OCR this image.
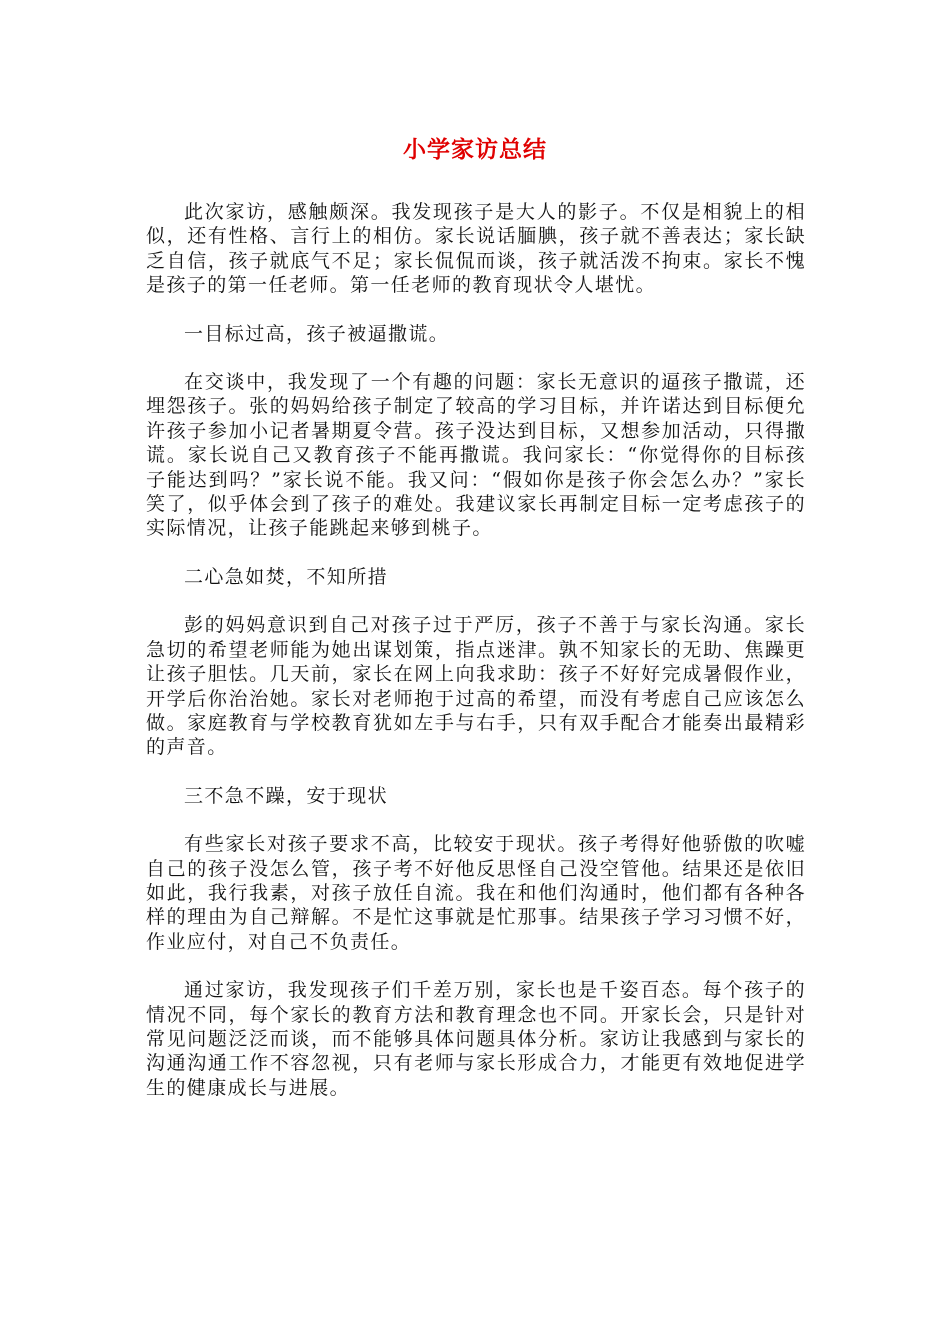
小学家访总结

此次家访，感触颇深。我发现孩子是大人的影子。不仅是相貌上的相似，还有性格、言行上的相仿。家长说话腼腆，孩子就不善表达；家长缺乏自信，孩子就底气不足；家长侃侃而谈，孩子就活泼不拘束。家长不愧是孩子的第一任老师。第一任老师的教育现状令人堪忧。

一目标过高，孩子被逼撒谎。

在交谈中，我发现了一个有趣的问题：家长无意识的逼孩子撒谎，还埋怨孩子。张的妈妈给孩子制定了较高的学习目标，并许诺达到目标便允许孩子参加小记者暑期夏令营。孩子没达到目标，又想参加活动，只得撒谎。家长说自己又教育孩子不能再撒谎。我问家长：“你觉得你的目标孩子能达到吗？”家长说不能。我又问：“假如你是孩子你会怎么办？”家长笑了，似乎体会到了孩子的难处。我建议家长再制定目标一定考虑孩子的实际情况，让孩子能跳起来够到桃子。

二心急如焚，不知所措

彭的妈妈意识到自己对孩子过于严厉，孩子不善于与家长沟通。家长急切的希望老师能为她出谋划策，指点迷津。孰不知家长的无助、焦躁更让孩子胆怯。几天前，家长在网上向我求助：孩子不好好完成暑假作业，开学后你治治她。家长对老师抱于过高的希望，而没有考虑自己应该怎么做。家庭教育与学校教育犹如左手与右手，只有双手配合才能奏出最精彩的声音。

三不急不躁，安于现状

有些家长对孩子要求不高，比较安于现状。孩子考得好他骄傲的吹嘘自己的孩子没怎么管，孩子考不好他反思怪自己没空管他。结果还是依旧如此，我行我素，对孩子放任自流。我在和他们沟通时，他们都有各种各样的理由为自己辩解。不是忙这事就是忙那事。结果孩子学习习惯不好，作业应付，对自己不负责任。

通过家访，我发现孩子们千差万别，家长也是千姿百态。每个孩子的情况不同，每个家长的教育方法和教育理念也不同。开家长会，只是针对常见问题泛泛而谈，而不能够具体问题具体分析。家访让我感到与家长的沟通沟通工作不容忽视，只有老师与家长形成合力，才能更有效地促进学生的健康成长与进展。
